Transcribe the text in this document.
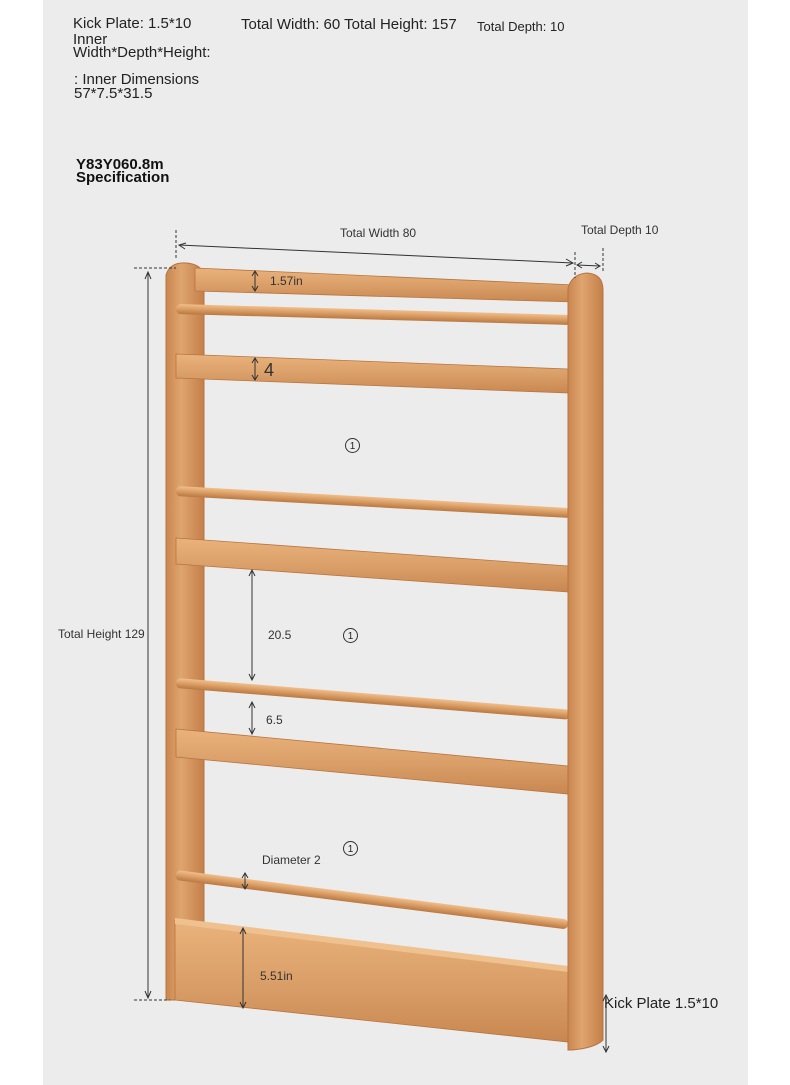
Kick Plate: 1.5*10
Inner
Width*Depth*Height:
Total Width: 60 Total Height: 157 Total Depth: 10
: Inner Dimensions
57*7.5*31.5
Y83Y060.8m
Specification
Total Width 80	Total Depth 10
Total Height 129
1.57in
4
20.5
6.5
Diameter 2
5.51in
Kick Plate 1.5*10
1
1
1
